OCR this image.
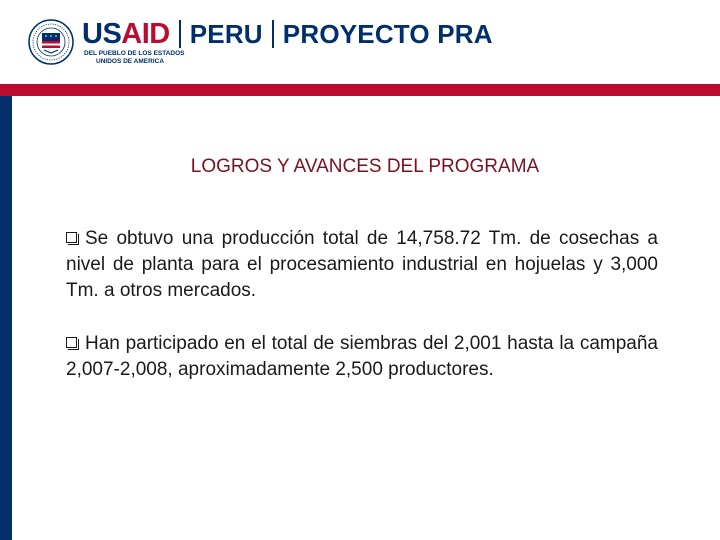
USAID PERU PROYECTO PRA
DEL PUEBLO DE LOS ESTADOS
UNIDOS DE AMERICA
LOGROS Y AVANCES DEL PROGRAMA
Se obtuvo una producción total de 14,758.72 Tm. de cosechas a nivel de planta para el procesamiento industrial en hojuelas y 3,000 Tm. a otros mercados.
Han participado en el total de siembras del 2,001 hasta la campaña 2,007-2,008, aproximadamente 2,500 productores.
